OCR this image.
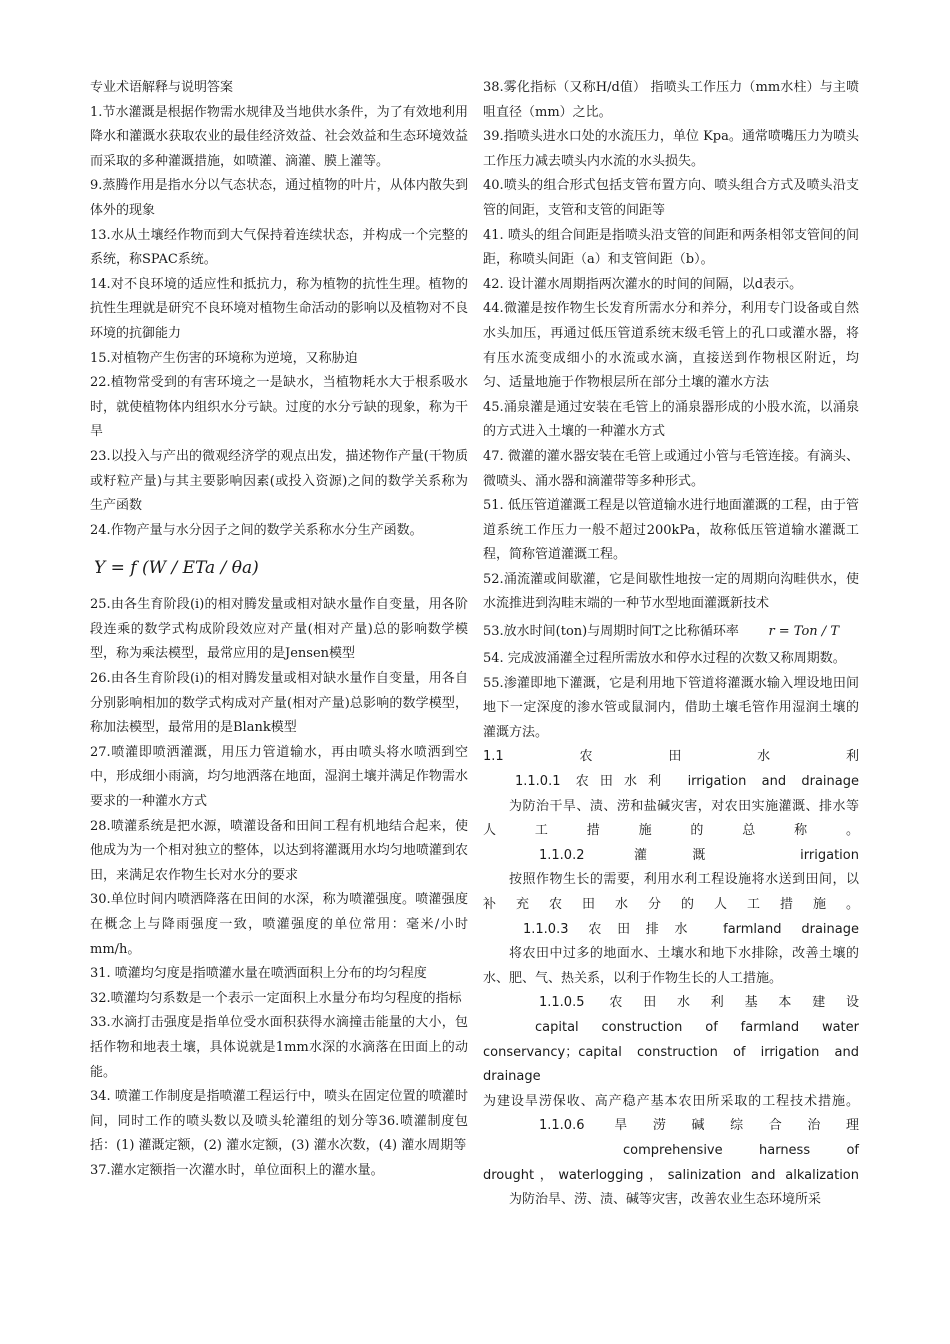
专业术语解释与说明答案

1.节水灌溉是根据作物需水规律及当地供水条件，为了有效地利用降水和灌溉水获取农业的最佳经济效益、社会效益和生态环境效益而采取的多种灌溉措施，如喷灌、滴灌、膜上灌等。

9.蒸腾作用是指水分以气态状态，通过植物的叶片，从体内散失到体外的现象

13.水从土壤经作物而到大气保持着连续状态，并构成一个完整的系统，称SPAC系统。

14.对不良环境的适应性和抵抗力，称为植物的抗性生理。植物的抗性生理就是研究不良环境对植物生命活动的影响以及植物对不良环境的抗御能力

15.对植物产生伤害的环境称为逆境，又称胁迫

22.植物常受到的有害环境之一是缺水，当植物耗水大于根系吸水时，就使植物体内组织水分亏缺。过度的水分亏缺的现象，称为干旱

23.以投入与产出的微观经济学的观点出发，描述物作产量(干物质或籽粒产量)与其主要影响因素(或投入资源)之间的数学关系称为生产函数

24.作物产量与水分因子之间的数学关系称水分生产函数。

Y = f (W / ETa / θa)

25.由各生育阶段(i)的相对腾发量或相对缺水量作自变量，用各阶段连乘的数学式构成阶段效应对产量(相对产量)总的影响数学模型，称为乘法模型，最常应用的是Jensen模型

26.由各生育阶段(i)的相对腾发量或相对缺水量作自变量，用各自分别影响相加的数学式构成对产量(相对产量)总影响的数学模型，称加法模型，最常用的是Blank模型

27.喷灌即喷洒灌溉，用压力管道输水，再由喷头将水喷洒到空中，形成细小雨滴，均匀地洒落在地面，湿润土壤并满足作物需水要求的一种灌水方式

28.喷灌系统是把水源，喷灌设备和田间工程有机地结合起来，使他成为为一个相对独立的整体，以达到将灌溉用水均匀地喷灌到农田，来满足农作物生长对水分的要求

30.单位时间内喷洒降落在田间的水深，称为喷灌强度。喷灌强度在概念上与降雨强度一致，喷灌强度的单位常用：毫米/小时mm/h。

31. 喷灌均匀度是指喷灌水量在喷洒面积上分布的均匀程度

32.喷灌均匀系数是一个表示一定面积上水量分布均匀程度的指标

33.水滴打击强度是指单位受水面积获得水滴撞击能量的大小，包括作物和地表土壤，具体说就是1mm水深的水滴落在田面上的动能。

34. 喷灌工作制度是指喷灌工程运行中，喷头在固定位置的喷灌时间，同时工作的喷头数以及喷头轮灌组的划分等36.喷灌制度包括：(1) 灌溉定额，(2) 灌水定额，(3) 灌水次数，(4) 灌水周期等

37.灌水定额指一次灌水时，单位面积上的灌水量。

38.雾化指标（又称H/d值） 指喷头工作压力（mm水柱）与主喷咀直径（mm）之比。

39.指喷头进水口处的水流压力，单位 Kpa。通常喷嘴压力为喷头工作压力减去喷头内水流的水头损失。

40.喷头的组合形式包括支管布置方向、喷头组合方式及喷头沿支管的间距，支管和支管的间距等

41. 喷头的组合间距是指喷头沿支管的间距和两条相邻支管间的间距，称喷头间距（a）和支管间距（b）。

42. 设计灌水周期指两次灌水的时间的间隔，以d表示。

44.微灌是按作物生长发育所需水分和养分，利用专门设备或自然水头加压，再通过低压管道系统末级毛管上的孔口或灌水器，将有压水流变成细小的水流或水滴，直接送到作物根区附近，均匀、适量地施于作物根层所在部分土壤的灌水方法

45.涌泉灌是通过安装在毛管上的涌泉器形成的小股水流，以涌泉的方式进入土壤的一种灌水方式

47. 微灌的灌水器安装在毛管上或通过小管与毛管连接。有滴头、微喷头、涌水器和滴灌带等多种形式。

51. 低压管道灌溉工程是以管道输水进行地面灌溉的工程，由于管道系统工作压力一般不超过200kPa，故称低压管道输水灌溉工程，简称管道灌溉工程。

52.涌流灌或间歇灌，它是间歇性地按一定的周期向沟畦供水，使水流推进到沟畦末端的一种节水型地面灌溉新技术

53.放水时间(ton)与周期时间T之比称循环率 r = Ton / T

54. 完成波涌灌全过程所需放水和停水过程的次数又称周期数。

55.渗灌即地下灌溉，它是利用地下管道将灌溉水输入埋设地田间地下一定深度的渗水管或鼠洞内，借助土壤毛管作用湿润土壤的灌溉方法。

1.1	农	田	水	利

1.1.0.1 农田水利 irrigation and drainage

为防治干旱、渍、涝和盐碱灾害，对农田实施灌溉、排水等人工措施的总称。

1.1.0.2 灌溉 irrigation

按照作物生长的需要，利用水利工程设施将水送到田间，以补充农田水分的人工措施。

1.1.0.3 农田排水 farmland drainage

将农田中过多的地面水、土壤水和地下水排除，改善土壤的水、肥、气、热关系，以利于作物生长的人工措施。

1.1.0.5 农田水利基本建设

capital construction of farmland water conservancy；capital construction of irrigation and drainage

为建设旱涝保收、高产稳产基本农田所采取的工程技术措施。

1.1.0.6 旱涝碱综合治理

comprehensive harness of drought，waterlogging，salinization and alkalization

为防治旱、涝、渍、碱等灾害，改善农业生态环境所采
